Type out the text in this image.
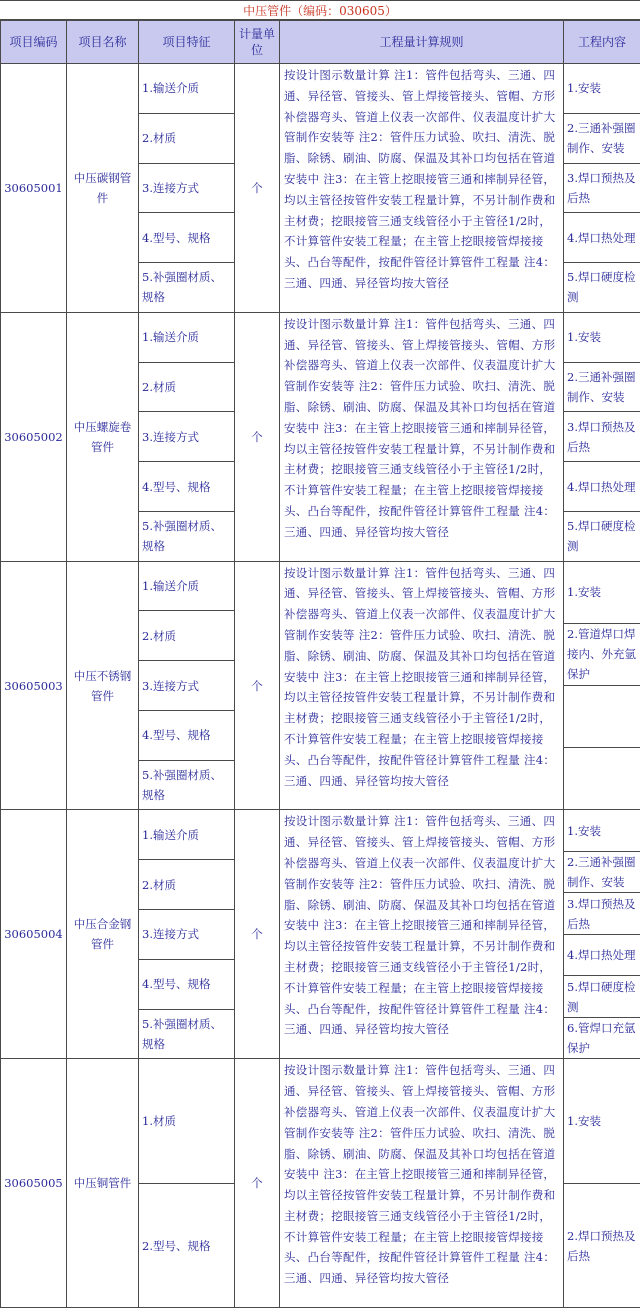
中压管件（编码：030605）
项目编码	项目名称	项目特征	计量单位	工程量计算规则	工程内容
30605001	中压碳钢管件	1.输送介质	个	按设计图示数量计算 注1：管件包括弯头、三通、四通、异径管、管接头、管上焊接管接头、管帽、方形补偿器弯头、管道上仪表一次部件、仪表温度计扩大管制作安装等 注2：管件压力试验、吹扫、清洗、脱脂、除锈、刷油、防腐、保温及其补口均包括在管道安装中 注3：在主管上挖眼接管三通和摔制异径管，均以主管径按管件安装工程量计算，不另计制作费和主材费；挖眼接管三通支线管径小于主管径1/2时，不计算管件安装工程量；在主管上挖眼接管焊接接头、凸台等配件，按配件管径计算管件工程量 注4：三通、四通、异径管均按大管径	1.安装

		2.材质			2.三通补强圈制作、安装

		3.连接方式			3.焊口预热及后热

		4.型号、规格			4.焊口热处理

		5.补强圈材质、规格			5.焊口硬度检测

30605002	中压螺旋卷管件	1.输送介质	个	按设计图示数量计算 注1：管件包括弯头、三通、四通、异径管、管接头、管上焊接管接头、管帽、方形补偿器弯头、管道上仪表一次部件、仪表温度计扩大管制作安装等 注2：管件压力试验、吹扫、清洗、脱脂、除锈、刷油、防腐、保温及其补口均包括在管道安装中 注3：在主管上挖眼接管三通和摔制异径管，均以主管径按管件安装工程量计算，不另计制作费和主材费；挖眼接管三通支线管径小于主管径1/2时，不计算管件安装工程量；在主管上挖眼接管焊接接头、凸台等配件，按配件管径计算管件工程量 注4：三通、四通、异径管均按大管径	1.安装

		2.材质			2.三通补强圈制作、安装

		3.连接方式			3.焊口预热及后热

		4.型号、规格			4.焊口热处理

		5.补强圈材质、规格			5.焊口硬度检测

30605003	中压不锈钢管件	1.输送介质	个	按设计图示数量计算 注1：管件包括弯头、三通、四通、异径管、管接头、管上焊接管接头、管帽、方形补偿器弯头、管道上仪表一次部件、仪表温度计扩大管制作安装等 注2：管件压力试验、吹扫、清洗、脱脂、除锈、刷油、防腐、保温及其补口均包括在管道安装中 注3：在主管上挖眼接管三通和摔制异径管，均以主管径按管件安装工程量计算，不另计制作费和主材费；挖眼接管三通支线管径小于主管径1/2时，不计算管件安装工程量；在主管上挖眼接管焊接接头、凸台等配件，按配件管径计算管件工程量 注4：三通、四通、异径管均按大管径	1.安装

		2.材质			
					2.管道焊口焊接内、外充氩保护

		3.连接方式			

		4.型号、规格			

		5.补强圈材质、规格			

30605004	中压合金钢管件	1.输送介质	个	按设计图示数量计算 注1：管件包括弯头、三通、四通、异径管、管接头、管上焊接管接头、管帽、方形补偿器弯头、管道上仪表一次部件、仪表温度计扩大管制作安装等 注2：管件压力试验、吹扫、清洗、脱脂、除锈、刷油、防腐、保温及其补口均包括在管道安装中 注3：在主管上挖眼接管三通和摔制异径管，均以主管径按管件安装工程量计算，不另计制作费和主材费；挖眼接管三通支线管径小于主管径1/2时，不计算管件安装工程量；在主管上挖眼接管焊接接头、凸台等配件，按配件管径计算管件工程量 注4：三通、四通、异径管均按大管径	1.安装

					2.三通补强圈制作、安装
		2.材质			

					3.焊口预热及后热

		3.连接方式			

					4.焊口热处理

		4.型号、规格			

					5.焊口硬度检测

		5.补强圈材质、规格			
					6.管焊口充氩保护

30605005	中压铜管件	1.材质	个	按设计图示数量计算 注1：管件包括弯头、三通、四通、异径管、管接头、管上焊接管接头、管帽、方形补偿器弯头、管道上仪表一次部件、仪表温度计扩大管制作安装等 注2：管件压力试验、吹扫、清洗、脱脂、除锈、刷油、防腐、保温及其补口均包括在管道安装中 注3：在主管上挖眼接管三通和摔制异径管，均以主管径按管件安装工程量计算，不另计制作费和主材费；挖眼接管三通支线管径小于主管径1/2时，不计算管件安装工程量；在主管上挖眼接管焊接接头、凸台等配件，按配件管径计算管件工程量 注4：三通、四通、异径管均按大管径	1.安装

		2.型号、规格			2.焊口预热及后热
